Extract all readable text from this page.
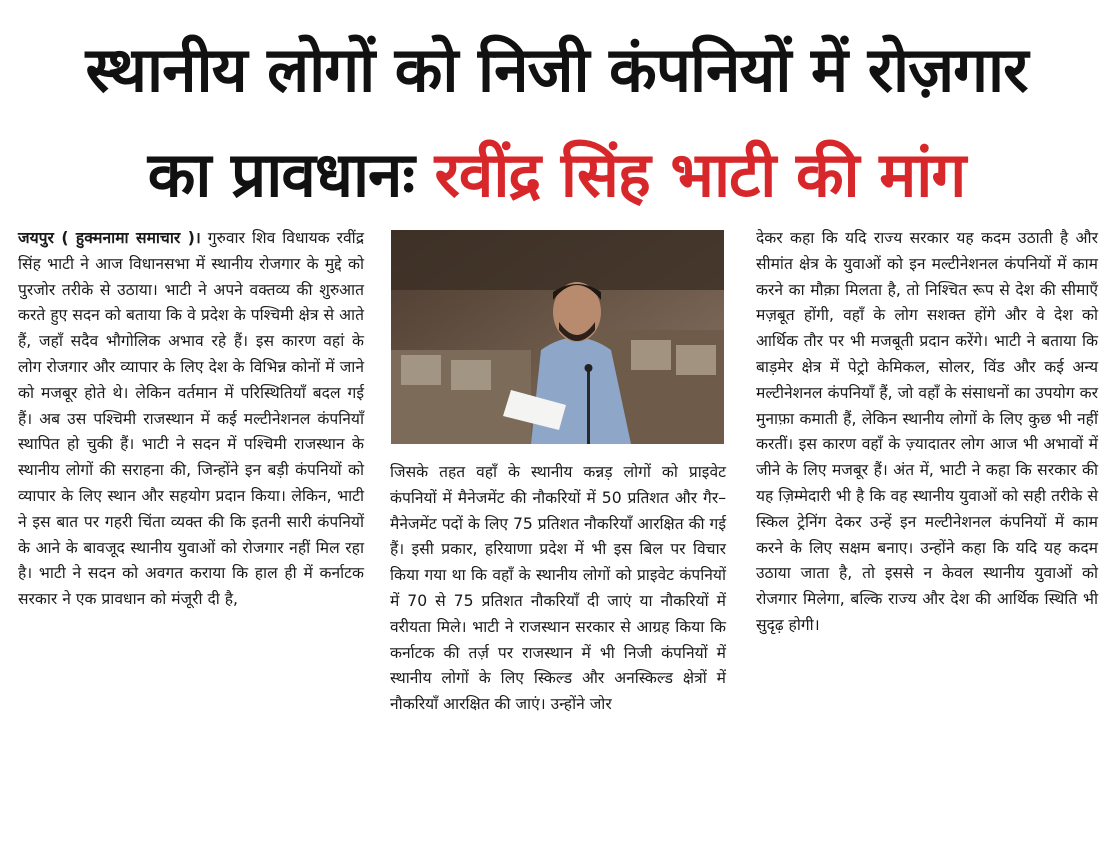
स्थानीय लोगों को निजी कंपनियों में रोज़गार
का प्रावधानः रवींद्र सिंह भाटी की मांग
जयपुर ( हुक्मनामा समाचार )। गुरुवार शिव विधायक रवींद्र सिंह भाटी ने आज विधानसभा में स्थानीय रोजगार के मुद्दे को पुरजोर तरीके से उठाया। भाटी ने अपने वक्तव्य की शुरुआत करते हुए सदन को बताया कि वे प्रदेश के पश्चिमी क्षेत्र से आते हैं, जहाँ सदैव भौगोलिक अभाव रहे हैं। इस कारण वहां के लोग रोजगार और व्यापार के लिए देश के विभिन्न कोनों में जाने को मजबूर होते थे। लेकिन वर्तमान में परिस्थितियाँ बदल गई हैं। अब उस पश्चिमी राजस्थान में कई मल्टीनेशनल कंपनियाँ स्थापित हो चुकी हैं। भाटी ने सदन में पश्चिमी राजस्थान के स्थानीय लोगों की सराहना की, जिन्होंने इन बड़ी कंपनियों को व्यापार के लिए स्थान और सहयोग प्रदान किया। लेकिन, भाटी ने इस बात पर गहरी चिंता व्यक्त की कि इतनी सारी कंपनियों के आने के बावजूद स्थानीय युवाओं को रोजगार नहीं मिल रहा है। भाटी ने सदन को अवगत कराया कि हाल ही में कर्नाटक सरकार ने एक प्रावधान को मंजूरी दी है,
जिसके तहत वहाँ के स्थानीय कन्नड़ लोगों को प्राइवेट कंपनियों में मैनेजमेंट की नौकरियों में 50 प्रतिशत और गैर–मैनेजमेंट पदों के लिए 75 प्रतिशत नौकरियाँ आरक्षित की गई हैं। इसी प्रकार, हरियाणा प्रदेश में भी इस बिल पर विचार किया गया था कि वहाँ के स्थानीय लोगों को प्राइवेट कंपनियों में 70 से 75 प्रतिशत नौकरियाँ दी जाएं या नौकरियों में वरीयता मिले। भाटी ने राजस्थान सरकार से आग्रह किया कि कर्नाटक की तर्ज़ पर राजस्थान में भी निजी कंपनियों में स्थानीय लोगों के लिए स्किल्ड और अनस्किल्ड क्षेत्रों में नौकरियाँ आरक्षित की जाएं। उन्होंने जोर
देकर कहा कि यदि राज्य सरकार यह कदम उठाती है और सीमांत क्षेत्र के युवाओं को इन मल्टीनेशनल कंपनियों में काम करने का मौक़ा मिलता है, तो निश्चित रूप से देश की सीमाएँ मज़बूत होंगी, वहाँ के लोग सशक्त होंगे और वे देश को आर्थिक तौर पर भी मजबूती प्रदान करेंगे। भाटी ने बताया कि बाड़मेर क्षेत्र में पेट्रो केमिकल, सोलर, विंड और कई अन्य मल्टीनेशनल कंपनियाँ हैं, जो वहाँ के संसाधनों का उपयोग कर मुनाफ़ा कमाती हैं, लेकिन स्थानीय लोगों के लिए कुछ भी नहीं करतीं। इस कारण वहाँ के ज़्यादातर लोग आज भी अभावों में जीने के लिए मजबूर हैं। अंत में, भाटी ने कहा कि सरकार की यह ज़िम्मेदारी भी है कि वह स्थानीय युवाओं को सही तरीके से स्किल ट्रेनिंग देकर उन्हें इन मल्टीनेशनल कंपनियों में काम करने के लिए सक्षम बनाए। उन्होंने कहा कि यदि यह कदम उठाया जाता है, तो इससे न केवल स्थानीय युवाओं को रोजगार मिलेगा, बल्कि राज्य और देश की आर्थिक स्थिति भी सुदृढ़ होगी।
